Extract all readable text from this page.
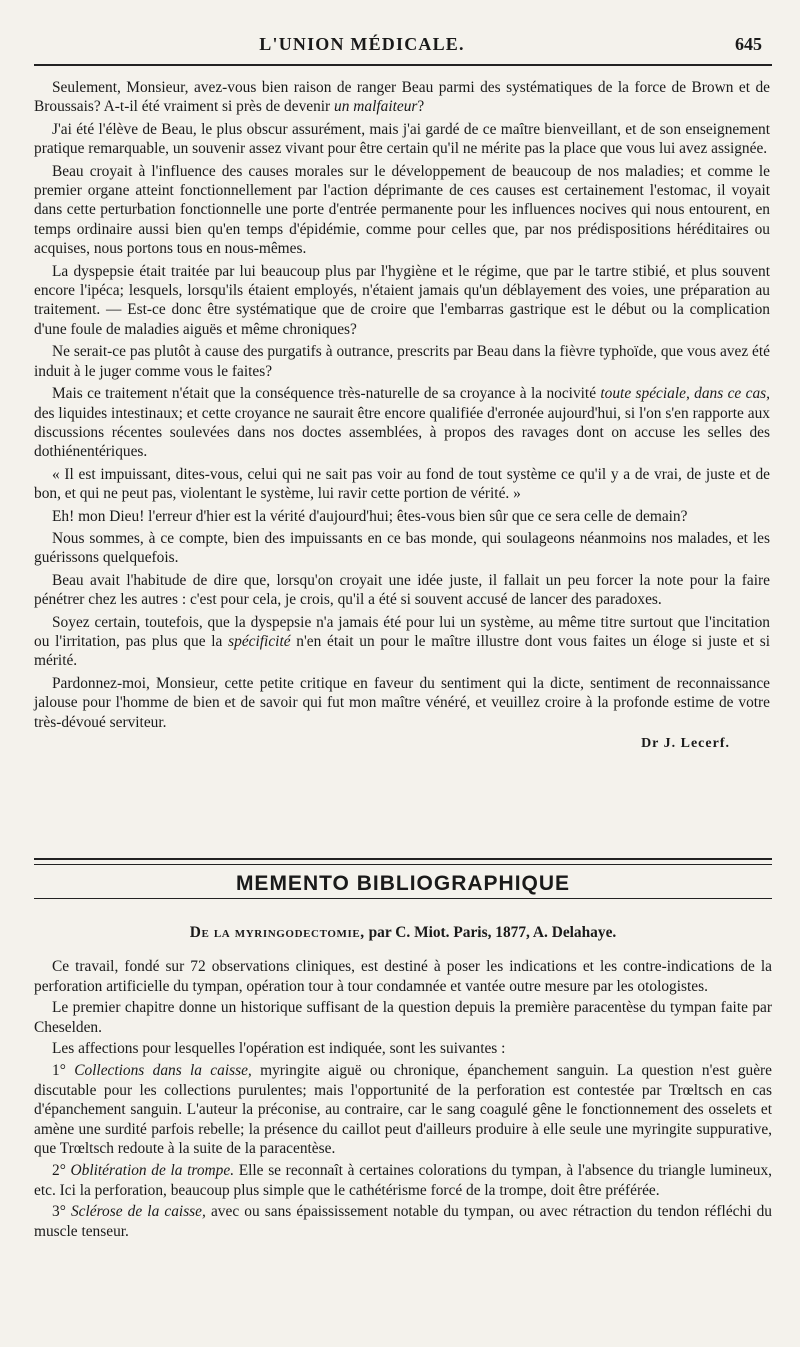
L'UNION MÉDICALE.	645

Seulement, Monsieur, avez-vous bien raison de ranger Beau parmi des systématiques de la force de Brown et de Broussais? A-t-il été vraiment si près de devenir un malfaiteur?

J'ai été l'élève de Beau, le plus obscur assurément, mais j'ai gardé de ce maître bienveillant, et de son enseignement pratique remarquable, un souvenir assez vivant pour être certain qu'il ne mérite pas la place que vous lui avez assignée.

Beau croyait à l'influence des causes morales sur le développement de beaucoup de nos maladies; et comme le premier organe atteint fonctionnellement par l'action déprimante de ces causes est certainement l'estomac, il voyait dans cette perturbation fonctionnelle une porte d'entrée permanente pour les influences nocives qui nous entourent, en temps ordinaire aussi bien qu'en temps d'épidémie, comme pour celles que, par nos prédispositions héréditaires ou acquises, nous portons tous en nous-mêmes.

La dyspepsie était traitée par lui beaucoup plus par l'hygiène et le régime, que par le tartre stibié, et plus souvent encore l'ipéca; lesquels, lorsqu'ils étaient employés, n'étaient jamais qu'un déblayement des voies, une préparation au traitement. — Est-ce donc être systématique que de croire que l'embarras gastrique est le début ou la complication d'une foule de maladies aiguës et même chroniques?

Ne serait-ce pas plutôt à cause des purgatifs à outrance, prescrits par Beau dans la fièvre typhoïde, que vous avez été induit à le juger comme vous le faites?

Mais ce traitement n'était que la conséquence très-naturelle de sa croyance à la nocivité toute spéciale, dans ce cas, des liquides intestinaux; et cette croyance ne saurait être encore qualifiée d'erronée aujourd'hui, si l'on s'en rapporte aux discussions récentes soulevées dans nos doctes assemblées, à propos des ravages dont on accuse les selles des dothiénentériques.

« Il est impuissant, dites-vous, celui qui ne sait pas voir au fond de tout système ce qu'il y a de vrai, de juste et de bon, et qui ne peut pas, violentant le système, lui ravir cette portion de vérité. »

Eh! mon Dieu! l'erreur d'hier est la vérité d'aujourd'hui; êtes-vous bien sûr que ce sera celle de demain?

Nous sommes, à ce compte, bien des impuissants en ce bas monde, qui soulageons néanmoins nos malades, et les guérissons quelquefois.

Beau avait l'habitude de dire que, lorsqu'on croyait une idée juste, il fallait un peu forcer la note pour la faire pénétrer chez les autres : c'est pour cela, je crois, qu'il a été si souvent accusé de lancer des paradoxes.

Soyez certain, toutefois, que la dyspepsie n'a jamais été pour lui un système, au même titre surtout que l'incitation ou l'irritation, pas plus que la spécificité n'en était un pour le maître illustre dont vous faites un éloge si juste et si mérité.

Pardonnez-moi, Monsieur, cette petite critique en faveur du sentiment qui la dicte, sentiment de reconnaissance jalouse pour l'homme de bien et de savoir qui fut mon maître vénéré, et veuillez croire à la profonde estime de votre très-dévoué serviteur.

Dr J. Lecerf.
MEMENTO BIBLIOGRAPHIQUE
De la myringodectomie, par C. Miot. Paris, 1877, A. Delahaye.

Ce travail, fondé sur 72 observations cliniques, est destiné à poser les indications et les contre-indications de la perforation artificielle du tympan, opération tour à tour condamnée et vantée outre mesure par les otologistes.

Le premier chapitre donne un historique suffisant de la question depuis la première paracentèse du tympan faite par Cheselden.

Les affections pour lesquelles l'opération est indiquée, sont les suivantes :

1° Collections dans la caisse, myringite aiguë ou chronique, épanchement sanguin. La question n'est guère discutable pour les collections purulentes; mais l'opportunité de la perforation est contestée par Trœltsch en cas d'épanchement sanguin. L'auteur la préconise, au contraire, car le sang coagulé gêne le fonctionnement des osselets et amène une surdité parfois rebelle; la présence du caillot peut d'ailleurs produire à elle seule une myringite suppurative, que Trœltsch redoute à la suite de la paracentèse.

2° Oblitération de la trompe. Elle se reconnaît à certaines colorations du tympan, à l'absence du triangle lumineux, etc. Ici la perforation, beaucoup plus simple que le cathétérisme forcé de la trompe, doit être préférée.

3° Sclérose de la caisse, avec ou sans épaississement notable du tympan, ou avec rétraction du tendon réfléchi du muscle tenseur.
